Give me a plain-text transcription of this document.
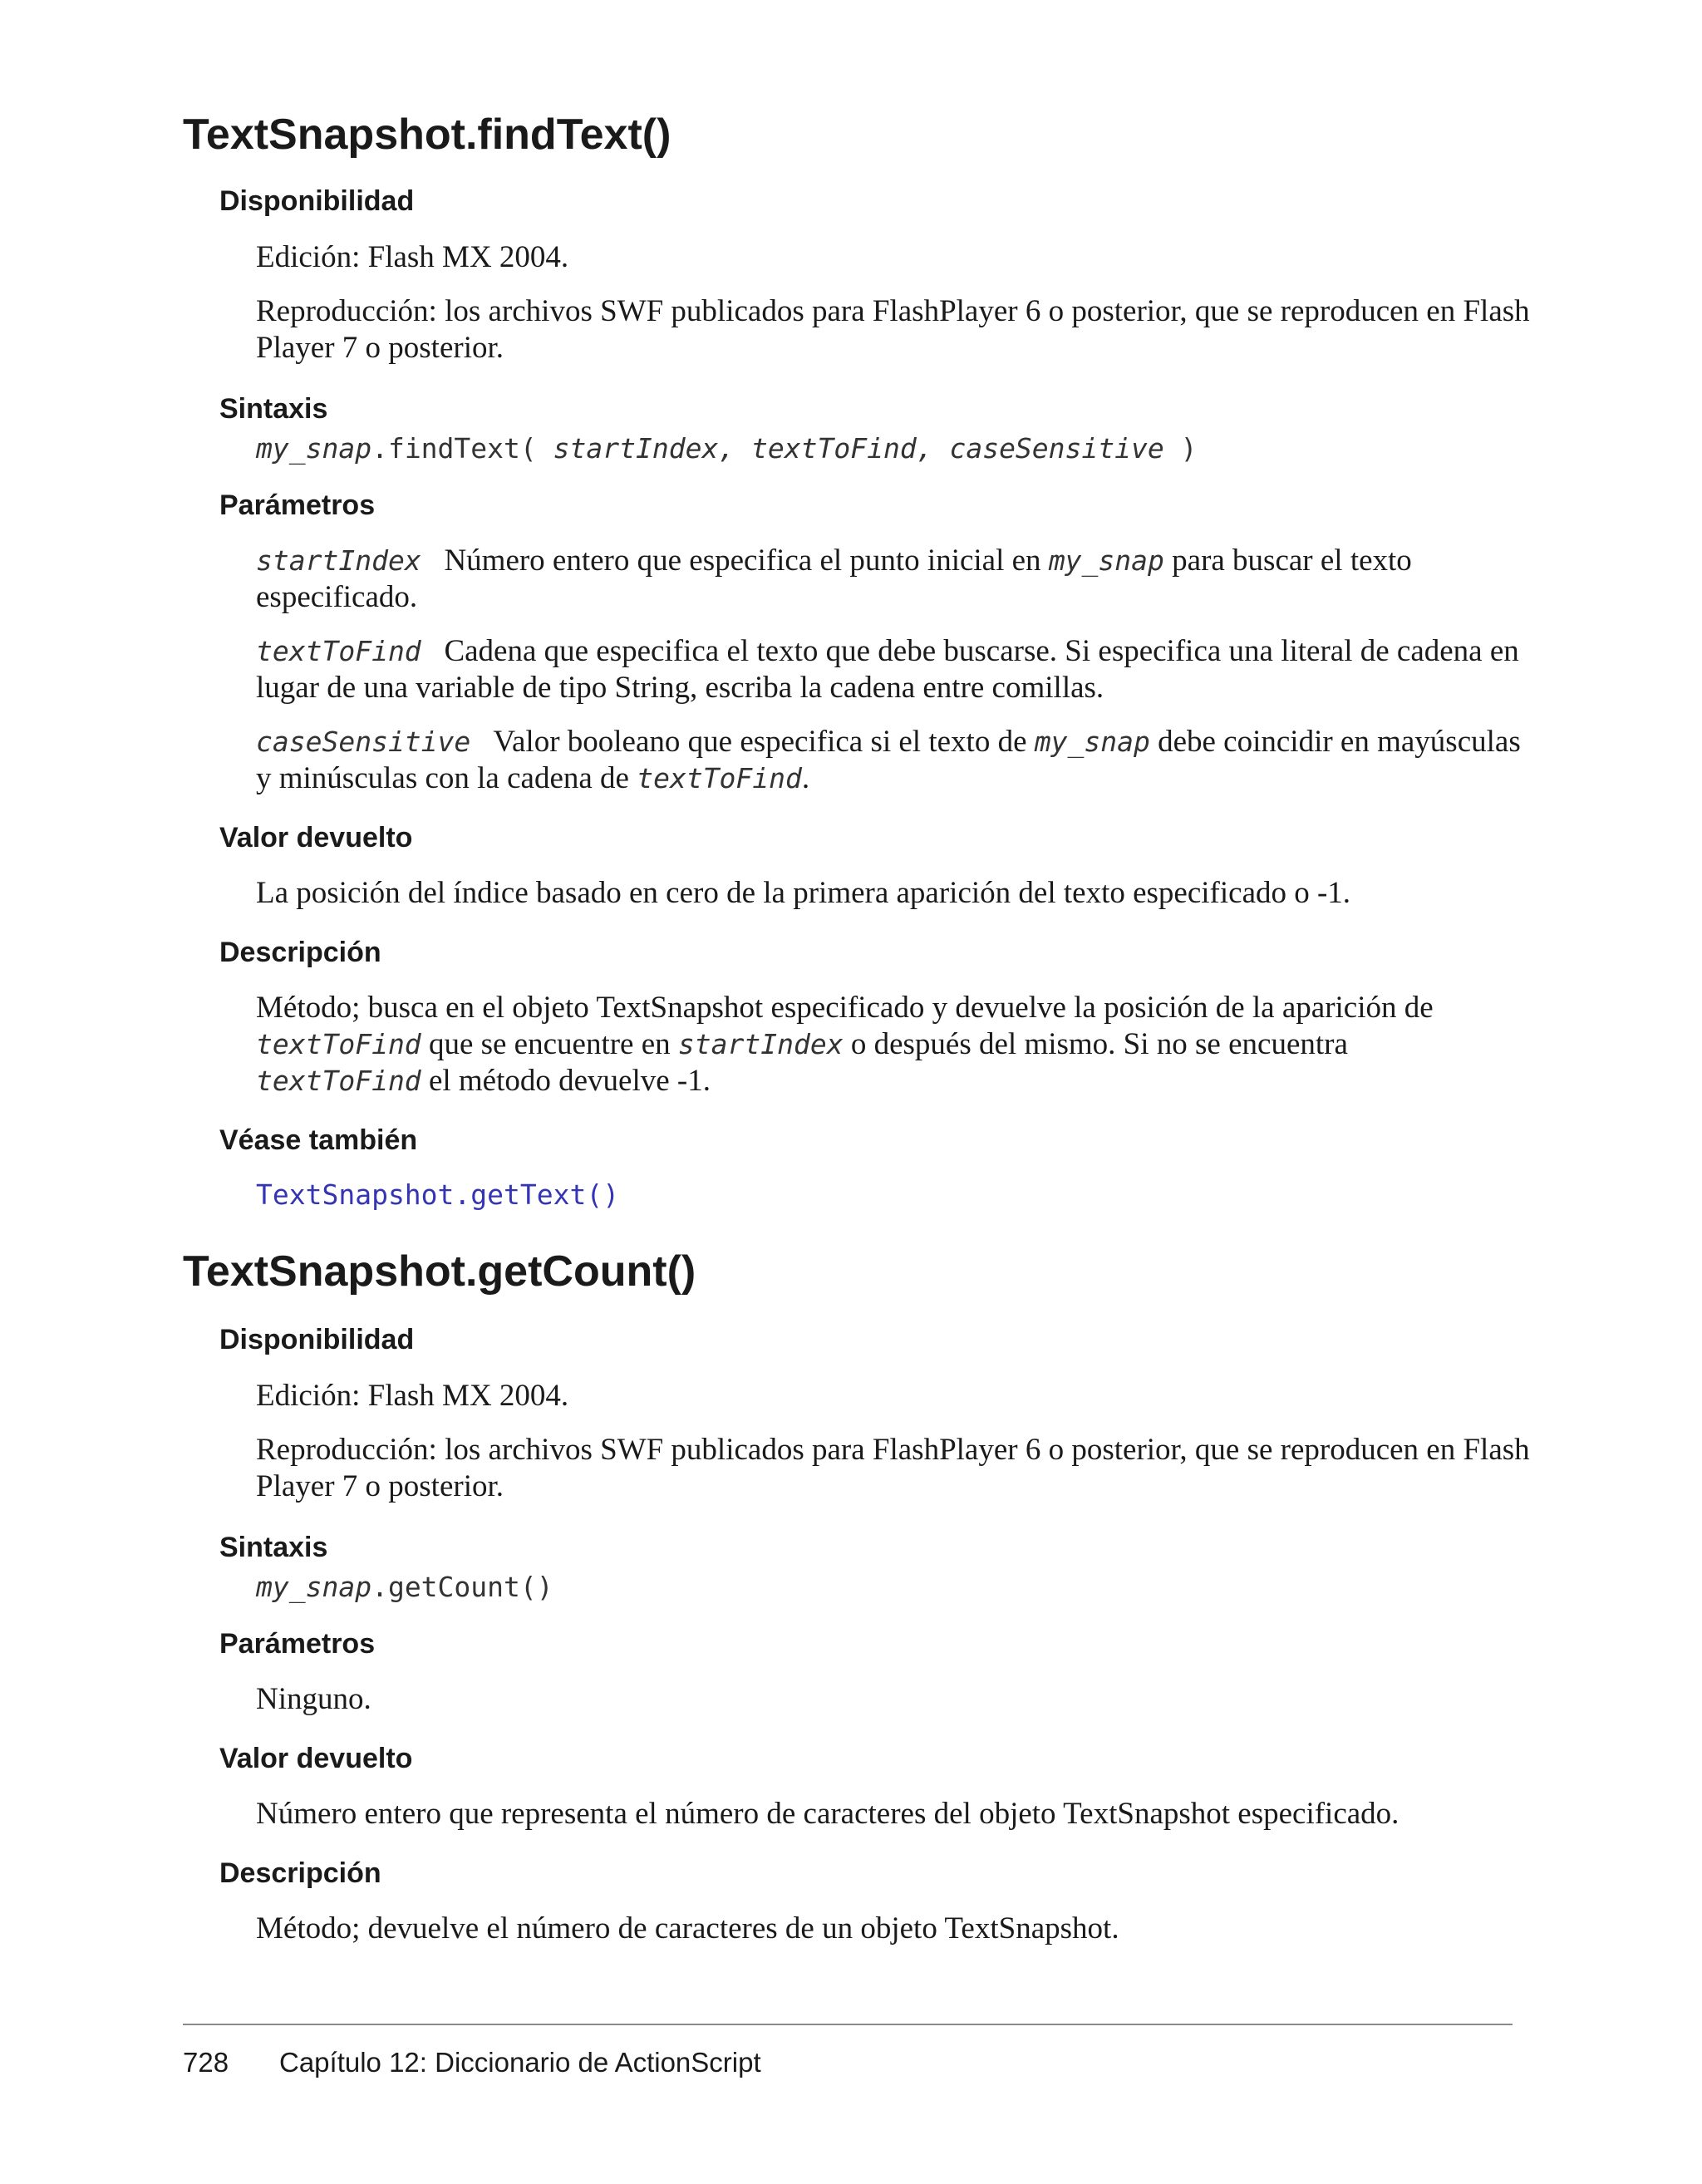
TextSnapshot.findText()
Disponibilidad
Edición: Flash MX 2004.
Reproducción: los archivos SWF publicados para FlashPlayer 6 o posterior, que se reproducen en Flash Player 7 o posterior.
Sintaxis
my_snap.findText( startIndex, textToFind, caseSensitive )
Parámetros
startIndex Número entero que especifica el punto inicial en my_snap para buscar el texto especificado.
textToFind Cadena que especifica el texto que debe buscarse. Si especifica una literal de cadena en lugar de una variable de tipo String, escriba la cadena entre comillas.
caseSensitive Valor booleano que especifica si el texto de my_snap debe coincidir en mayúsculas y minúsculas con la cadena de textToFind.
Valor devuelto
La posición del índice basado en cero de la primera aparición del texto especificado o -1.
Descripción
Método; busca en el objeto TextSnapshot especificado y devuelve la posición de la aparición de textToFind que se encuentre en startIndex o después del mismo. Si no se encuentra
textToFind el método devuelve -1.
Véase también
TextSnapshot.getText()
TextSnapshot.getCount()
Disponibilidad
Edición: Flash MX 2004.
Reproducción: los archivos SWF publicados para FlashPlayer 6 o posterior, que se reproducen en Flash Player 7 o posterior.
Sintaxis
my_snap.getCount()
Parámetros
Ninguno.
Valor devuelto
Número entero que representa el número de caracteres del objeto TextSnapshot especificado.
Descripción
Método; devuelve el número de caracteres de un objeto TextSnapshot.
728 Capítulo 12: Diccionario de ActionScript
